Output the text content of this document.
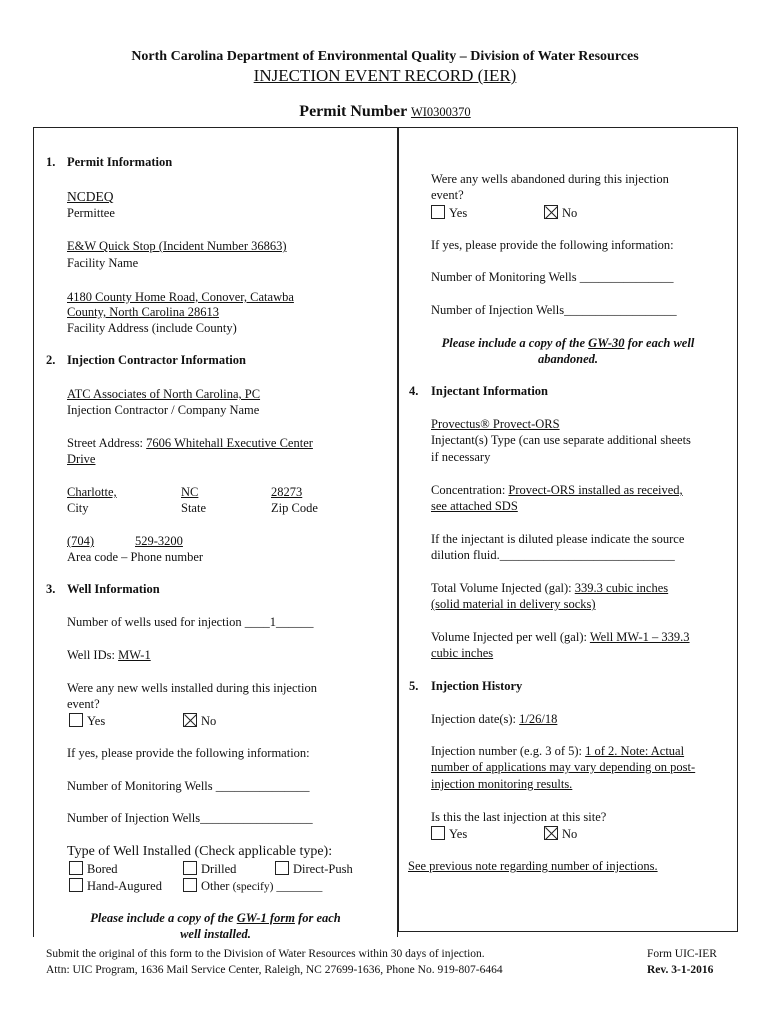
North Carolina Department of Environmental Quality – Division of Water Resources
INJECTION EVENT RECORD (IER)
Permit Number WI0300370
1. Permit Information
NCDEQ
Permittee
E&W Quick Stop (Incident Number 36863)
Facility Name
4180 County Home Road, Conover, Catawba
County, North Carolina 28613
Facility Address (include County)
2. Injection Contractor Information
ATC Associates of North Carolina, PC
Injection Contractor / Company Name
Street Address: 7606 Whitehall Executive Center
Drive
Charlotte,	NC	28273
City	State	Zip Code
(704)	529-3200
Area code – Phone number
3. Well Information
Number of wells used for injection ____1______
Well IDs: MW-1
Were any new wells installed during this injection
event?
Yes	No
If yes, please provide the following information:
Number of Monitoring Wells _______________
Number of Injection Wells__________________
Type of Well Installed (Check applicable type):
Bored	Drilled	Direct-Push
Hand-Augured	Other (specify) ________
Please include a copy of the GW-1 form for each
well installed.
Were any wells abandoned during this injection
event?
Yes	No
If yes, please provide the following information:
Number of Monitoring Wells _______________
Number of Injection Wells__________________
Please include a copy of the GW-30 for each well
abandoned.
4. Injectant Information
Provectus® Provect-ORS
Injectant(s) Type (can use separate additional sheets
if necessary
Concentration: Provect-ORS installed as received,
see attached SDS
If the injectant is diluted please indicate the source
dilution fluid.____________________________
Total Volume Injected (gal): 339.3 cubic inches
(solid material in delivery socks)
Volume Injected per well (gal): Well MW-1 – 339.3
cubic inches
5. Injection History
Injection date(s): 1/26/18
Injection number (e.g. 3 of 5): 1 of 2. Note: Actual
number of applications may vary depending on post-
injection monitoring results.
Is this the last injection at this site?
Yes	No
See previous note regarding number of injections.
Submit the original of this form to the Division of Water Resources within 30 days of injection.
Attn: UIC Program, 1636 Mail Service Center, Raleigh, NC 27699-1636, Phone No. 919-807-6464
Form UIC-IER
Rev. 3-1-2016
